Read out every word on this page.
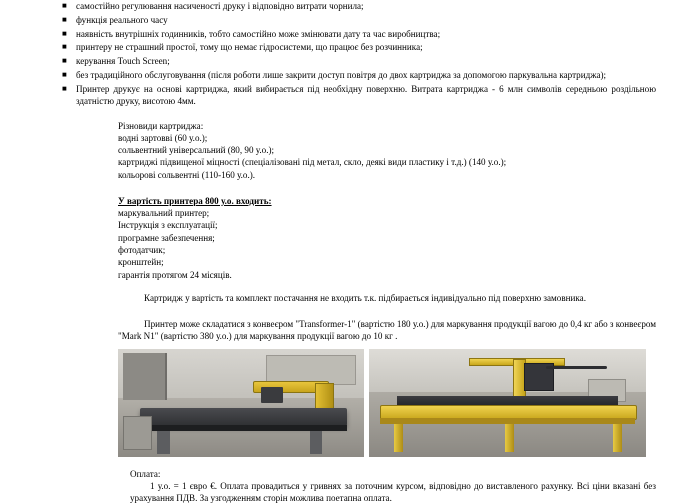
■ самостійно регулювання насиченості друку і відповідно витрати чорнила;
■ функція реального часу
■ наявність внутрішніх годинників, тобто самостійно може змінювати дату та час виробництва;
■ принтеру не страшний простої, тому що немає гідросистеми, що працює без розчинника;
■ керування Touch Screen;
■ без традиційного обслуговування (після роботи лише закрити доступ повітря до двох картриджа за допомогою паркувальна картриджа);
■ Принтер друкує на основі картриджа, який вибирається під необхідну поверхню. Витрата картриджа - 6 млн символів середньою роздільною здатністю друку, висотою 4мм.
Різновиди картриджа:
водні зартовві (60 у.о.);
сольвентний універсальний (80, 90 у.о.);
картриджі підвищеної міцності (спеціалізовані під метал, скло, деякі види пластику і т.д.) (140 у.о.);
кольорові сольвентні (110-160 у.о.).
У вартість принтера 800 у.о. входить:
маркувальний принтер;
Інструкція з експлуатації;
програмне забезпечення;
фотодатчик;
кронштейн;
гарантія протягом 24 місяців.

Картридж у вартість та комплект постачання не входить т.к. підбирається індивідуально під поверхню замовника.

Принтер може складатися з конвеєром "Transformer-1" (вартістю 180 у.о.) для маркування продукції вагою до 0,4 кг або з конвеєром "Mark N1" (вартістю 380 у.о.) для маркування продукції вагою до 10 кг .

Оплата:

1 у.о. = 1 євро €. Оплата провадиться у гривнях за поточним курсом, відповідно до виставленого рахунку. Всі ціни вказані без урахування ПДВ. За узгодженням сторін можлива поетапна оплата.
